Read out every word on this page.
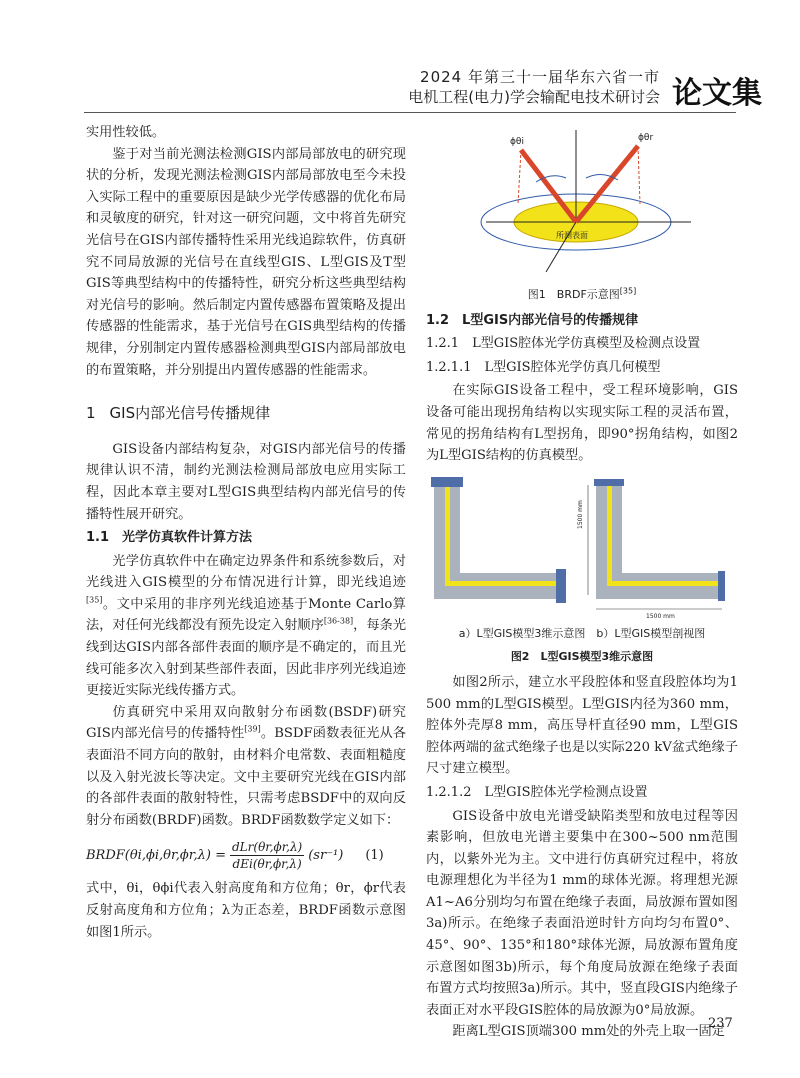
2024 年第三十一届华东六省一市
电机工程(电力)学会输配电技术研讨会 论文集

实用性较低。

鉴于对当前光测法检测GIS内部局部放电的研究现状的分析，发现光测法检测GIS内部局部放电至今未投入实际工程中的重要原因是缺少光学传感器的优化布局和灵敏度的研究，针对这一研究问题，文中将首先研究光信号在GIS内部传播特性采用光线追踪软件，仿真研究不同局放源的光信号在直线型GIS、L型GIS及T型GIS等典型结构中的传播特性，研究分析这些典型结构对光信号的影响。然后制定内置传感器布置策略及提出传感器的性能需求，基于光信号在GIS典型结构的传播规律，分别制定内置传感器检测典型GIS内部局部放电的布置策略，并分别提出内置传感器的性能需求。

1 GIS内部光信号传播规律

GIS设备内部结构复杂，对GIS内部光信号的传播规律认识不清，制约光测法检测局部放电应用实际工程，因此本章主要对L型GIS典型结构内部光信号的传播特性展开研究。

1.1　光学仿真软件计算方法

光学仿真软件中在确定边界条件和系统参数后，对光线进入GIS模型的分布情况进行计算，即光线追迹[35]。文中采用的非序列光线追迹基于Monte Carlo算法，对任何光线都没有预先设定入射顺序[36-38]，每条光线到达GIS内部各部件表面的顺序是不确定的，而且光线可能多次入射到某些部件表面，因此非序列光线追迹更接近实际光线传播方式。

仿真研究中采用双向散射分布函数(BSDF)研究GIS内部光信号的传播特性[39]。BSDF函数表征光从各表面沿不同方向的散射，由材料介电常数、表面粗糙度以及入射光波长等决定。文中主要研究光线在GIS内部的各部件表面的散射特性，只需考虑BSDF中的双向反射分布函数(BRDF)函数。BRDF函数数学定义如下：

BRDF(θi,ϕi,θr,ϕr,λ) = $\frac{\text{dLr(θr,ϕr,λ)}}{\text{dEi(θr,ϕr,λ)}} (sr^{-1})$ (1)

式中，θi，θϕi代表入射高度角和方位角；θr，ϕr代表反射高度角和方位角；λ为正态差，BRDF函数示意图如图1所示。

ϕθi	ϕθr
所测表面
图1　BRDF示意图[35]
1.2　L型GIS内部光信号的传播规律
1.2.1　L型GIS腔体光学仿真模型及检测点设置
1.2.1.1　L型GIS腔体光学仿真几何模型

在实际GIS设备工程中，受工程环境影响，GIS设备可能出现拐角结构以实现实际工程的灵活布置，常见的拐角结构有L型拐角，即90°拐角结构，如图2为L型GIS结构的仿真模型。

1500 mm
1500 mm
a）L型GIS模型3维示意图　 b）L型GIS模型剖视图
图2　L型GIS模型3维示意图

如图2所示，建立水平段腔体和竖直段腔体均为1 500 mm的L型GIS模型。L型GIS内径为360 mm，腔体外壳厚8 mm，高压导杆直径90 mm，L型GIS腔体两端的盆式绝缘子也是以实际220 kV盆式绝缘子尺寸建立模型。

1.2.1.2　L型GIS腔体光学检测点设置

GIS设备中放电光谱受缺陷类型和放电过程等因素影响，但放电光谱主要集中在300~500 nm范围内，以紫外光为主。文中进行仿真研究过程中，将放电源理想化为半径为1 mm的球体光源。将理想光源A1~A6分别均匀布置在绝缘子表面，局放源布置如图3a)所示。在绝缘子表面沿逆时针方向均匀布置0°、45°、90°、135°和180°球体光源，局放源布置角度示意图如图3b)所示，每个角度局放源在绝缘子表面布置方式均按照3a)所示。其中，竖直段GIS内绝缘子表面正对水平段GIS腔体的局放源为0°局放源。

距离L型GIS顶端300 mm处的外壳上取一固定

237
